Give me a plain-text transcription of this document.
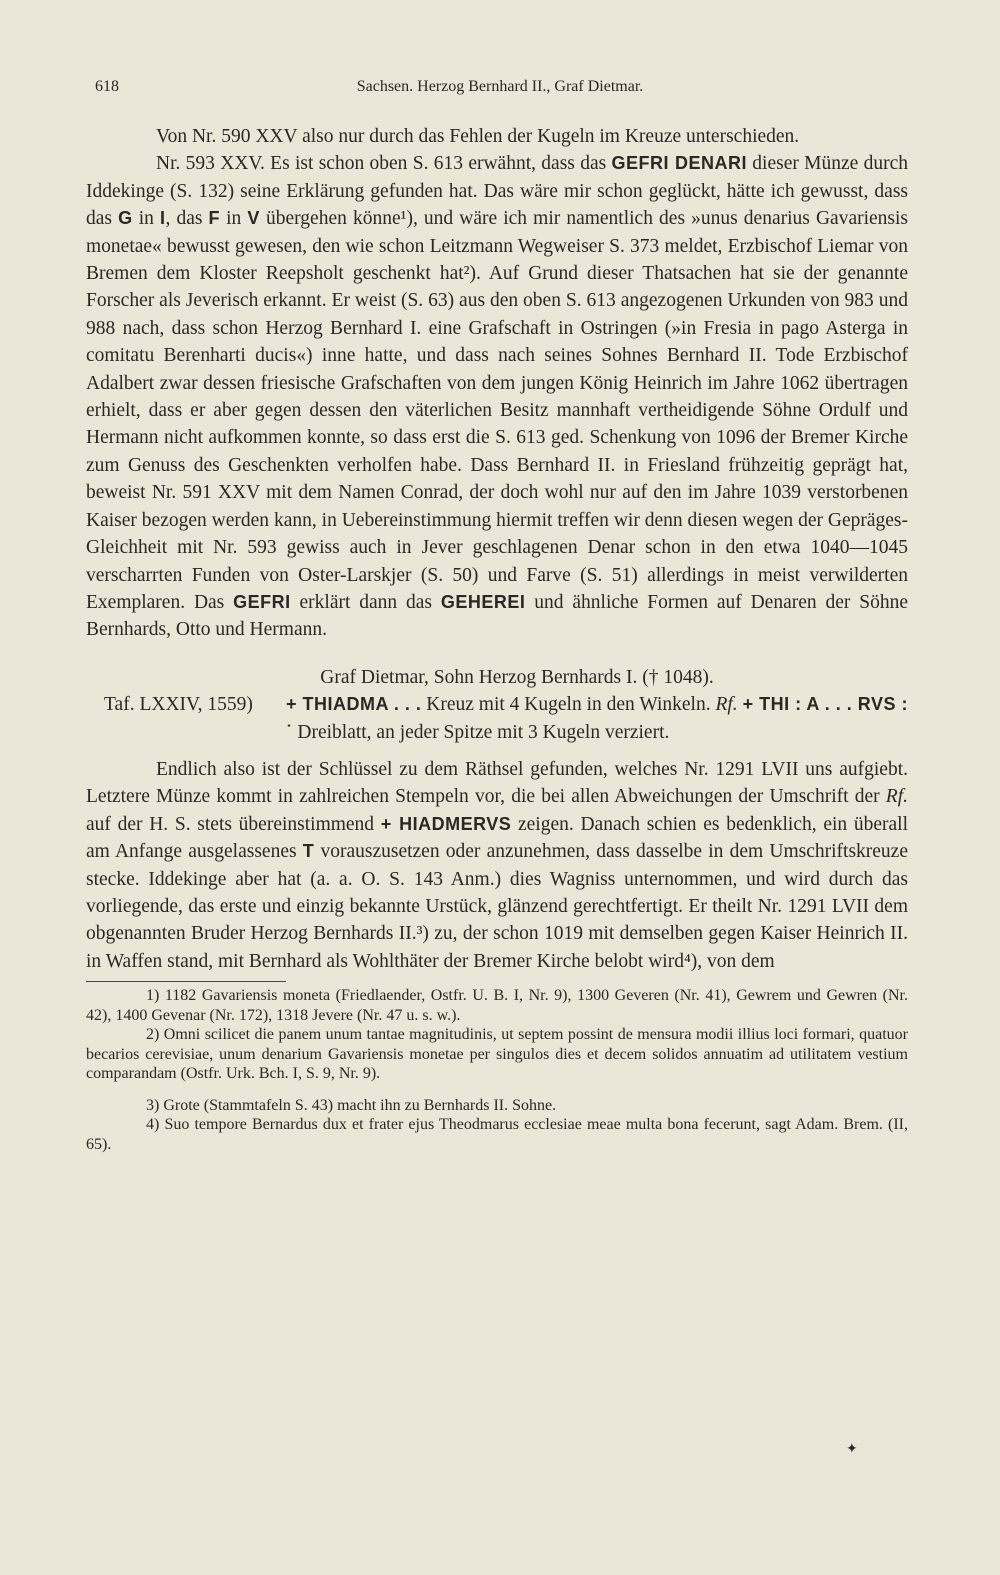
618	Sachsen. Herzog Bernhard II., Graf Dietmar.

Von Nr. 590 XXV also nur durch das Fehlen der Kugeln im Kreuze unterschieden.

Nr. 593 XXV. Es ist schon oben S. 613 erwähnt, dass das GEFRI DENARI dieser Münze durch Iddekinge (S. 132) seine Erklärung gefunden hat. Das wäre mir schon geglückt, hätte ich gewusst, dass das G in I, das F in V übergehen könne¹), und wäre ich mir namentlich des »unus denarius Gavariensis monetae« bewusst gewesen, den wie schon Leitzmann Wegweiser S. 373 meldet, Erzbischof Liemar von Bremen dem Kloster Reepsholt geschenkt hat²). Auf Grund dieser Thatsachen hat sie der genannte Forscher als Jeverisch erkannt. Er weist (S. 63) aus den oben S. 613 angezogenen Urkunden von 983 und 988 nach, dass schon Herzog Bernhard I. eine Grafschaft in Ostringen (»in Fresia in pago Asterga in comitatu Berenharti ducis«) inne hatte, und dass nach seines Sohnes Bernhard II. Tode Erzbischof Adalbert zwar dessen friesische Grafschaften von dem jungen König Heinrich im Jahre 1062 übertragen erhielt, dass er aber gegen dessen den väterlichen Besitz mannhaft vertheidigende Söhne Ordulf und Hermann nicht aufkommen konnte, so dass erst die S. 613 ged. Schenkung von 1096 der Bremer Kirche zum Genuss des Geschenkten verholfen habe. Dass Bernhard II. in Friesland frühzeitig geprägt hat, beweist Nr. 591 XXV mit dem Namen Conrad, der doch wohl nur auf den im Jahre 1039 verstorbenen Kaiser bezogen werden kann, in Uebereinstimmung hiermit treffen wir denn diesen wegen der Gepräges-Gleichheit mit Nr. 593 gewiss auch in Jever geschlagenen Denar schon in den etwa 1040—1045 verscharrten Funden von Oster-Larskjer (S. 50) und Farve (S. 51) allerdings in meist verwilderten Exemplaren. Das GEFRI erklärt dann das GEHEREI und ähnliche Formen auf Denaren der Söhne Bernhards, Otto und Hermann.

Graf Dietmar, Sohn Herzog Bernhards I. († 1048).

Taf. LXXIV, 1559) + THIADMA . . . Kreuz mit 4 Kugeln in den Winkeln. Rf. + THI : A . . . RVS : ˙ Dreiblatt, an jeder Spitze mit 3 Kugeln verziert.

Endlich also ist der Schlüssel zu dem Räthsel gefunden, welches Nr. 1291 LVII uns aufgiebt. Letztere Münze kommt in zahlreichen Stempeln vor, die bei allen Abweichungen der Umschrift der Rf. auf der H. S. stets übereinstimmend + HIADMERVS zeigen. Danach schien es bedenklich, ein überall am Anfange ausgelassenes T vorauszusetzen oder anzunehmen, dass dasselbe in dem Umschriftskreuze stecke. Iddekinge aber hat (a. a. O. S. 143 Anm.) dies Wagniss unternommen, und wird durch das vorliegende, das erste und einzig bekannte Urstück, glänzend gerechtfertigt. Er theilt Nr. 1291 LVII dem obgenannten Bruder Herzog Bernhards II.³) zu, der schon 1019 mit demselben gegen Kaiser Heinrich II. in Waffen stand, mit Bernhard als Wohlthäter der Bremer Kirche belobt wird⁴), von dem

1) 1182 Gavariensis moneta (Friedlaender, Ostfr. U. B. I, Nr. 9), 1300 Geveren (Nr. 41), Gewrem und Gewren (Nr. 42), 1400 Gevenar (Nr. 172), 1318 Jevere (Nr. 47 u. s. w.).

2) Omni scilicet die panem unum tantae magnitudinis, ut septem possint de mensura modii illius loci formari, quatuor becarios cerevisiae, unum denarium Gavariensis monetae per singulos dies et decem solidos annuatim ad utilitatem vestium comparandam (Ostfr. Urk. Bch. I, S. 9, Nr. 9).

3) Grote (Stammtafeln S. 43) macht ihn zu Bernhards II. Sohne.

4) Suo tempore Bernardus dux et frater ejus Theodmarus ecclesiae meae multa bona fecerunt, sagt Adam. Brem. (II, 65).

✦
